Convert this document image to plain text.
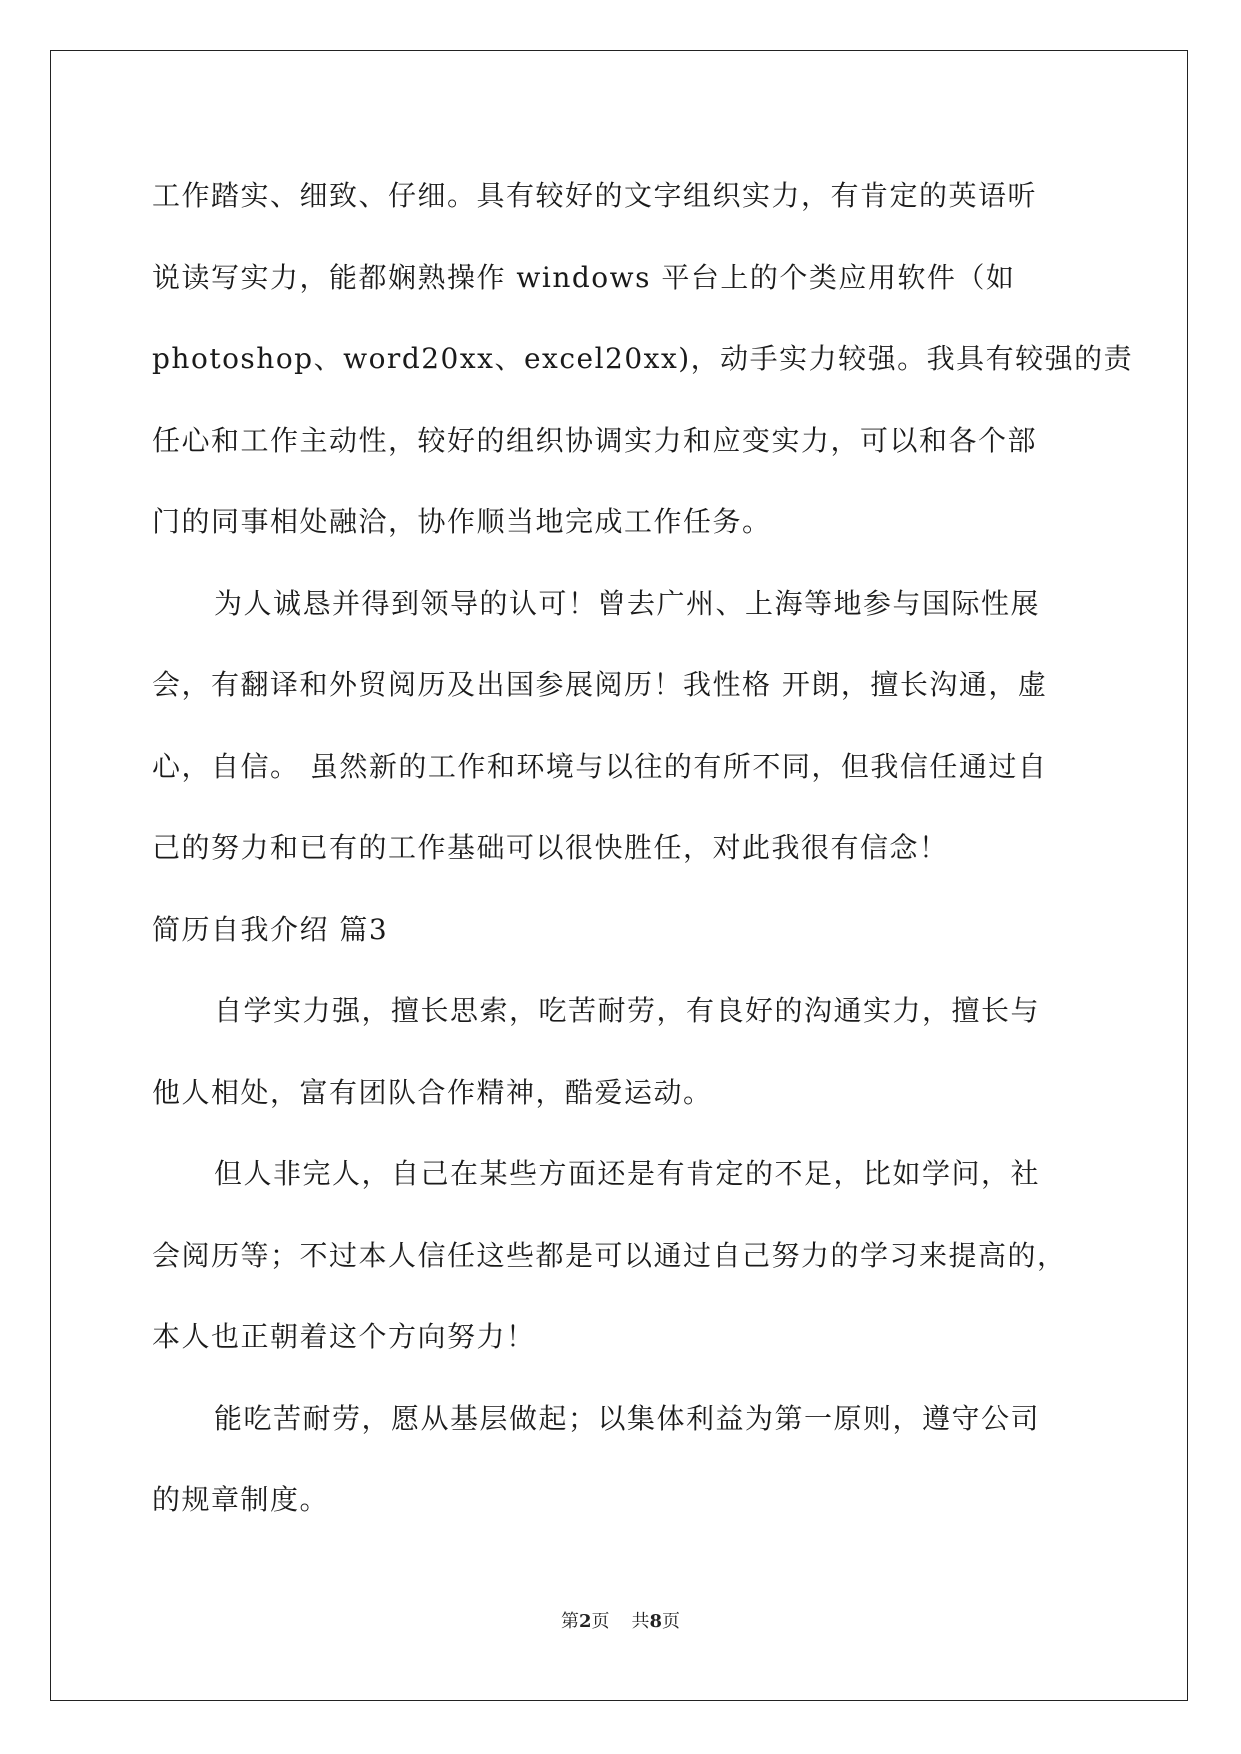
工作踏实、细致、仔细。具有较好的文字组织实力，有肯定的英语听
说读写实力，能都娴熟操作 windows 平台上的个类应用软件（如
photoshop、word20xx、excel20xx)，动手实力较强。我具有较强的责
任心和工作主动性，较好的组织协调实力和应变实力，可以和各个部
门的同事相处融洽，协作顺当地完成工作任务。
为人诚恳并得到领导的认可！曾去广州、上海等地参与国际性展
会，有翻译和外贸阅历及出国参展阅历！我性格 开朗，擅长沟通，虚
心，自信。 虽然新的工作和环境与以往的有所不同，但我信任通过自
己的努力和已有的工作基础可以很快胜任，对此我很有信念！
简历自我介绍 篇3
自学实力强，擅长思索，吃苦耐劳，有良好的沟通实力，擅长与
他人相处，富有团队合作精神，酷爱运动。
但人非完人，自己在某些方面还是有肯定的不足，比如学问，社
会阅历等；不过本人信任这些都是可以通过自己努力的学习来提高的，
本人也正朝着这个方向努力！
能吃苦耐劳，愿从基层做起；以集体利益为第一原则，遵守公司
的规章制度。
第2页 共8页
